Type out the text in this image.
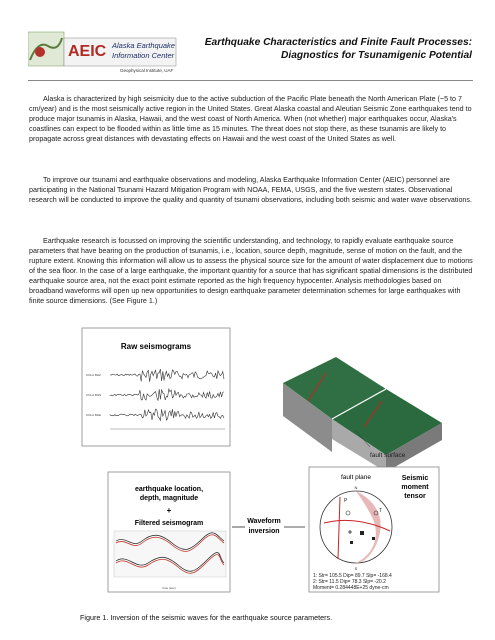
AEIC Alaska Earthquake
Information Center
Geophysical Institute, UAF
Earthquake Characteristics and Finite Fault Processes:
Diagnostics for Tsunamigenic Potential

Alaska is characterized by high seismicity due to the active subduction of the Pacific Plate beneath the North American Plate (~5 to 7 cm/year) and is the most seismically active region in the United States. Great Alaska coastal and Aleutian Seismic Zone earthquakes tend to produce major tsunamis in Alaska, Hawaii, and the west coast of North America. When (not whether) major earthquakes occur, Alaska's coastlines can expect to be flooded within as little time as 15 minutes. The threat does not stop there, as these tsunamis are likely to propagate across great distances with devastating effects on Hawaii and the west coast of the United States as well.

To improve our tsunami and earthquake observations and modeling, Alaska Earthquake Information Center (AEIC) personnel are participating in the National Tsunami Hazard Mitigation Program with NOAA, FEMA, USGS, and the five western states. Observational research will be conducted to improve the quality and quantity of tsunami observations, including both seismic and water wave observations.

Earthquake research is focussed on improving the scientific understanding, and technology, to rapidly evaluate earthquake source parameters that have bearing on the production of tsunamis, i.e., location, source depth, magnitude, sense of motion on the fault, and the rupture extent. Knowing this information will allow us to assess the physical source size for the amount of water displacement due to motions of the sea floor. In the case of a large earthquake, the important quantity for a source that has significant spatial dimensions is the distributed earthquake source area, not the exact point estimate reported as the high frequency hypocenter. Analysis methodologies based on broadband waveforms will open up new opportunities to design earthquake parameter determination schemes for large earthquakes with finite source dimensions. (See Figure 1.)

Raw seismograms
COLA BHZ
COLA BHN
COLA BHE
fault surface
earthquake location,
depth, magnitude
+
Filtered seismogram
time (sec)
Waveform
inversion
fault plane	Seismic
moment
tensor
P
T
N
S
1: Str= 105.5 Dip= 89.7 Slp= -168.4
2: Str= 11.5 Dip= 78.3 Slp= -20.2
Moment= 0.284448E+25 dyne-cm
Figure 1. Inversion of the seismic waves for the earthquake source parameters.
